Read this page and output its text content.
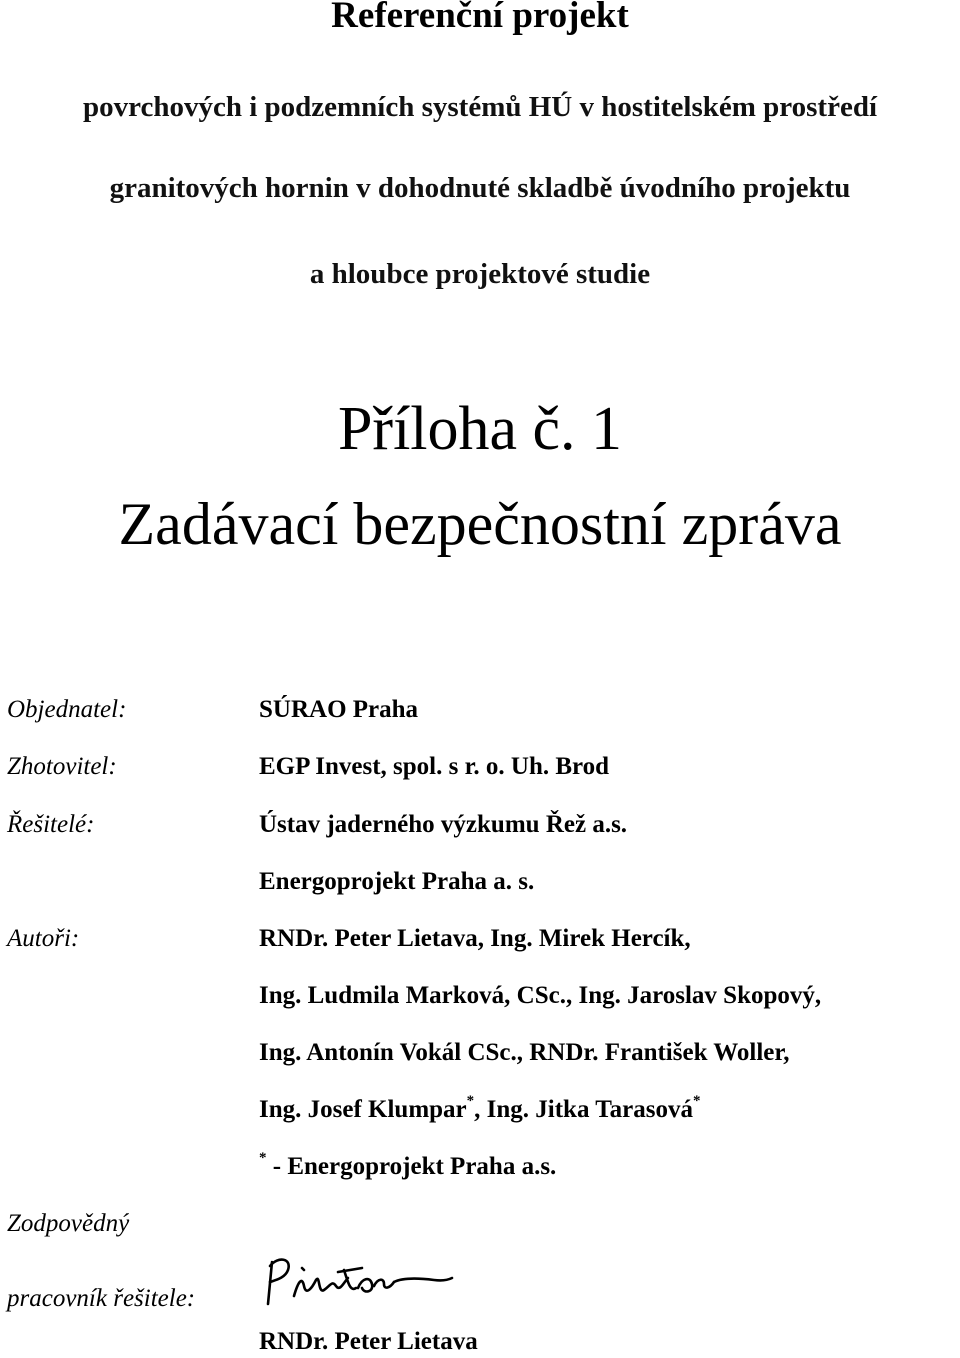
Referenční projekt
povrchových i podzemních systémů HÚ v hostitelském prostředí
granitových hornin v dohodnuté skladbě úvodního projektu
a hloubce projektové studie
Příloha č. 1
Zadávací bezpečnostní zpráva
Objednatel:	SÚRAO Praha
Zhotovitel:	EGP Invest, spol. s r. o. Uh. Brod
Řešitelé:	Ústav jaderného výzkumu Řež a.s.
Energoprojekt Praha a. s.
Autoři:	RNDr. Peter Lietava, Ing. Mirek Hercík,
Ing. Ludmila Marková, CSc., Ing. Jaroslav Skopový,
Ing. Antonín Vokál CSc., RNDr. František Woller,
Ing. Josef Klumpar*, Ing. Jitka Tarasová*
* - Energoprojekt Praha a.s.
Zodpovědný
pracovník řešitele:
RNDr. Peter Lietava
